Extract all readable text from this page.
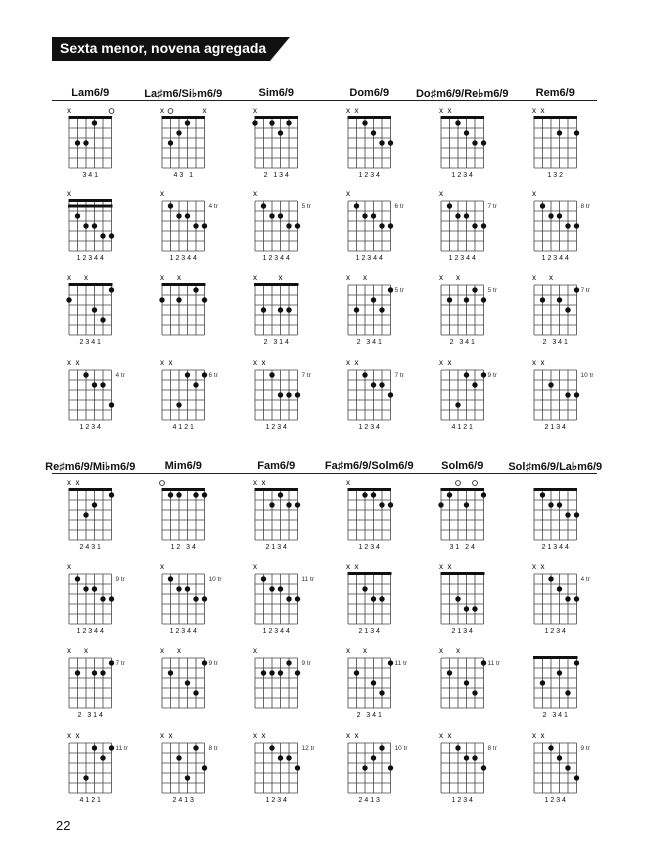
Sexta menor, novena agregada
Lam6/9	La♯m6/Si♭m6/9	Sim6/9	Dom6/9	Do♯m6/9/Re♭m6/9	Rem6/9
Re♯m6/9/Mi♭m6/9	Mim6/9	Fam6/9	Fa♯m6/9/Solm6/9	Solm6/9	Sol♯m6/9/La♭m6/9
x
3 4 1
x
1 2 3 4 4
x x
2 3 4 1
x x
4 tr
1 2 3 4
x	x
4 3   1
x
4 tr
1 2 3 4 4
x x
x x
6 tr
4 1 2 1
x
2   1 3 4
x
5 tr
1 2 3 4 4
x	x
2   3 1 4
x x
7 tr
1 2 3 4
x x
1 2 3 4
x
6 tr
1 2 3 4 4
x x
5 tr
2   3 4 1
x x
7 tr
1 2 3 4
x x
1 2 3 4
x
7 tr
1 2 3 4 4
x x
5 tr
2   3 4 1
x x
9 tr
4 1 2 1
x x
1 3 2
x
8 tr
1 2 3 4 4
x x
7 tr
2   3 4 1
x x
10 tr
2 1 3 4
x x
2 4 3 1
x
9 tr
1 2 3 4 4
x x
7 tr
2   3 1 4
x x
11 tr
4 1 2 1
1 2   3 4
x
10 tr
1 2 3 4 4
x x
9 tr
x x
8 tr
2 4 1 3
x x
2 1 3 4
x
11 tr
1 2 3 4 4
x
9 tr
x x
12 tr
1 2 3 4
x
1 2 3 4
x x
2 1 3 4
x x
11 tr
2   3 4 1
x x
10 tr
2 4 1 3
3 1   2 4
x x
2 1 3 4
x x
11 tr
x x
8 tr
1 2 3 4
2 1 3 4 4
x x
4 tr
1 2 3 4
2   3 4 1
x x
9 tr
1 2 3 4
22
